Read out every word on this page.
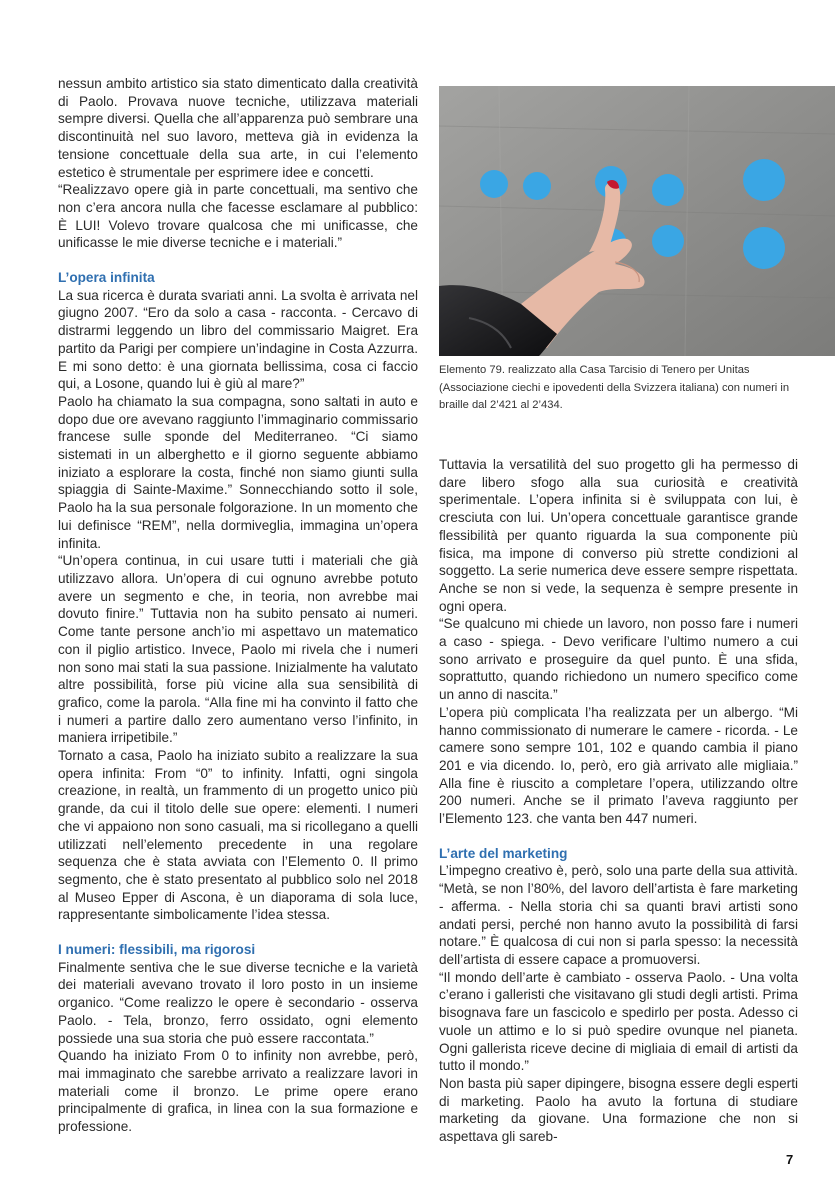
nessun ambito artistico sia stato dimenticato dalla creatività di Paolo. Provava nuove tecniche, utilizzava materiali sempre diversi. Quella che all’apparenza può sembrare una discontinuità nel suo lavoro, metteva già in evidenza la tensione concettuale della sua arte, in cui l’elemento estetico è strumentale per esprimere idee e concetti.

“Realizzavo opere già in parte concettuali, ma sentivo che non c’era ancora nulla che facesse esclamare al pubblico: È LUI! Volevo trovare qualcosa che mi unificasse, che unificasse le mie diverse tecniche e i materiali.”

L’opera infinita

La sua ricerca è durata svariati anni. La svolta è arrivata nel giugno 2007. “Ero da solo a casa - racconta. - Cercavo di distrarmi leggendo un libro del commissario Maigret. Era partito da Parigi per compiere un’indagine in Costa Azzurra. E mi sono detto: è una giornata bellissima, cosa ci faccio qui, a Losone, quando lui è giù al mare?”

Paolo ha chiamato la sua compagna, sono saltati in auto e dopo due ore avevano raggiunto l’immaginario commissario francese sulle sponde del Mediterraneo. “Ci siamo sistemati in un alberghetto e il giorno seguente abbiamo iniziato a esplorare la costa, finché non siamo giunti sulla spiaggia di Sainte-Maxime.” Sonnecchiando sotto il sole, Paolo ha la sua personale folgorazione. In un momento che lui definisce “REM”, nella dormiveglia, immagina un’opera infinita.

“Un’opera continua, in cui usare tutti i materiali che già utilizzavo allora. Un’opera di cui ognuno avrebbe potuto avere un segmento e che, in teoria, non avrebbe mai dovuto finire.” Tuttavia non ha subito pensato ai numeri. Come tante persone anch’io mi aspettavo un matematico con il piglio artistico. Invece, Paolo mi rivela che i numeri non sono mai stati la sua passione. Inizialmente ha valutato altre possibilità, forse più vicine alla sua sensibilità di grafico, come la parola. “Alla fine mi ha convinto il fatto che i numeri a partire dallo zero aumentano verso l’infinito, in maniera irripetibile.”

Tornato a casa, Paolo ha iniziato subito a realizzare la sua opera infinita: From “0” to infinity. Infatti, ogni singola creazione, in realtà, un frammento di un progetto unico più grande, da cui il titolo delle sue opere: elementi. I numeri che vi appaiono non sono casuali, ma si ricollegano a quelli utilizzati nell’elemento precedente in una regolare sequenza che è stata avviata con l’Elemento 0. Il primo segmento, che è stato presentato al pubblico solo nel 2018 al Museo Epper di Ascona, è un diaporama di sola luce, rappresentante simbolicamente l’idea stessa.

I numeri: flessibili, ma rigorosi

Finalmente sentiva che le sue diverse tecniche e la varietà dei materiali avevano trovato il loro posto in un insieme organico. “Come realizzo le opere è secondario - osserva Paolo. - Tela, bronzo, ferro ossidato, ogni elemento possiede una sua storia che può essere raccontata.”

Quando ha iniziato From 0 to infinity non avrebbe, però, mai immaginato che sarebbe arrivato a realizzare lavori in materiali come il bronzo. Le prime opere erano principalmente di grafica, in linea con la sua formazione e professione.

Elemento 79. realizzato alla Casa Tarcisio di Tenero per Unitas (Associazione ciechi e ipovedenti della Svizzera italiana) con numeri in braille dal 2’421 al 2’434.

Tuttavia la versatilità del suo progetto gli ha permesso di dare libero sfogo alla sua curiosità e creatività sperimentale. L’opera infinita si è sviluppata con lui, è cresciuta con lui. Un’opera concettuale garantisce grande flessibilità per quanto riguarda la sua componente più fisica, ma impone di converso più strette condizioni al soggetto. La serie numerica deve essere sempre rispettata. Anche se non si vede, la sequenza è sempre presente in ogni opera.

“Se qualcuno mi chiede un lavoro, non posso fare i numeri a caso - spiega. - Devo verificare l’ultimo numero a cui sono arrivato e proseguire da quel punto. È una sfida, soprattutto, quando richiedono un numero specifico come un anno di nascita.”

L’opera più complicata l’ha realizzata per un albergo. “Mi hanno commissionato di numerare le camere - ricorda. - Le camere sono sempre 101, 102 e quando cambia il piano 201 e via dicendo. Io, però, ero già arrivato alle migliaia.” Alla fine è riuscito a completare l’opera, utilizzando oltre 200 numeri. Anche se il primato l’aveva raggiunto per l’Elemento 123. che vanta ben 447 numeri.

L’arte del marketing

L’impegno creativo è, però, solo una parte della sua attività. “Metà, se non l’80%, del lavoro dell’artista è fare marketing - afferma. - Nella storia chi sa quanti bravi artisti sono andati persi, perché non hanno avuto la possibilità di farsi notare.” È qualcosa di cui non si parla spesso: la necessità dell’artista di essere capace a promuoversi.

“Il mondo dell’arte è cambiato - osserva Paolo. - Una volta c’erano i galleristi che visitavano gli studi degli artisti. Prima bisognava fare un fascicolo e spedirlo per posta. Adesso ci vuole un attimo e lo si può spedire ovunque nel pianeta. Ogni gallerista riceve decine di migliaia di email di artisti da tutto il mondo.”

Non basta più saper dipingere, bisogna essere degli esperti di marketing. Paolo ha avuto la fortuna di studiare marketing da giovane. Una formazione che non si aspettava gli sareb-

7
